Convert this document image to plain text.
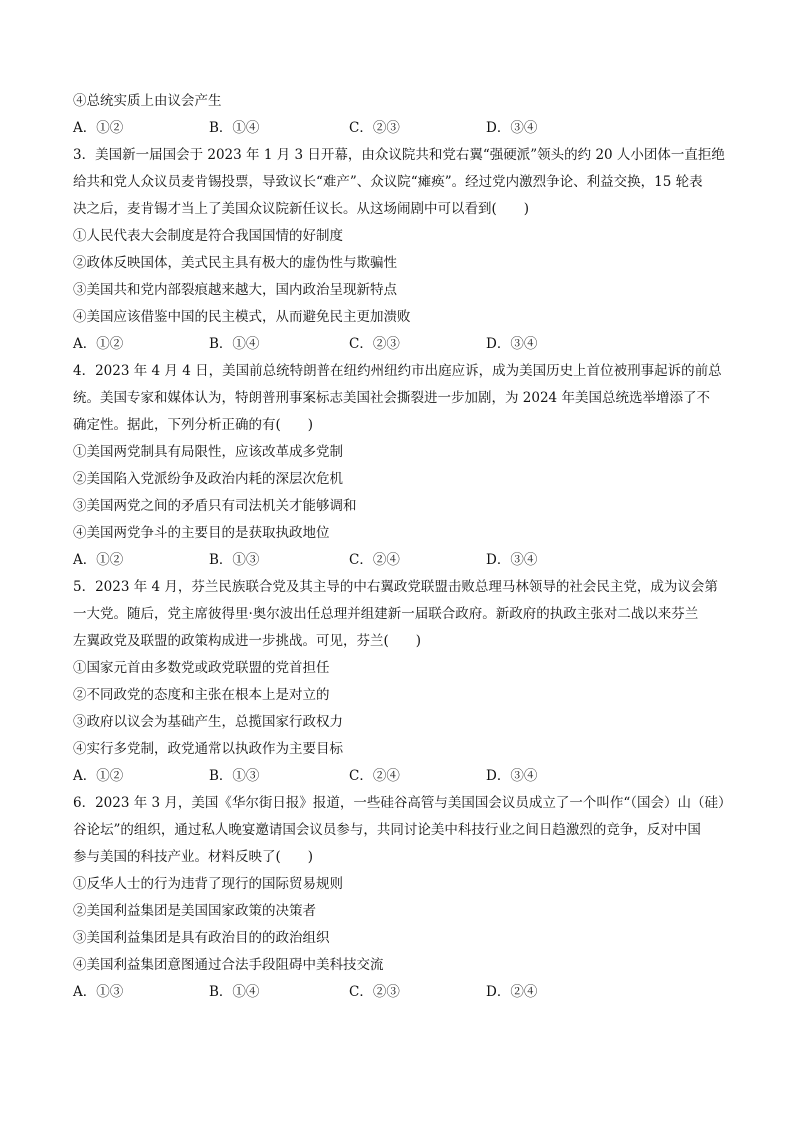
④总统实质上由议会产生
A．①②	B．①④	C．②③	D．③④
3．美国新一届国会于 2023 年 1 月 3 日开幕，由众议院共和党右翼“强硬派”领头的约 20 人小团体一直拒绝
给共和党人众议员麦肯锡投票，导致议长“难产”、众议院“瘫痪”。经过党内激烈争论、利益交换，15 轮表
决之后，麦肯锡才当上了美国众议院新任议长。从这场闹剧中可以看到(　　)
①人民代表大会制度是符合我国国情的好制度
②政体反映国体，美式民主具有极大的虚伪性与欺骗性
③美国共和党内部裂痕越来越大，国内政治呈现新特点
④美国应该借鉴中国的民主模式，从而避免民主更加溃败
A．①②	B．①④	C．②③	D．③④
4．2023 年 4 月 4 日，美国前总统特朗普在纽约州纽约市出庭应诉，成为美国历史上首位被刑事起诉的前总
统。美国专家和媒体认为，特朗普刑事案标志美国社会撕裂进一步加剧，为 2024 年美国总统选举增添了不
确定性。据此，下列分析正确的有(　　)
①美国两党制具有局限性，应该改革成多党制
②美国陷入党派纷争及政治内耗的深层次危机
③美国两党之间的矛盾只有司法机关才能够调和
④美国两党争斗的主要目的是获取执政地位
A．①②	B．①③	C．②④	D．③④
5．2023 年 4 月，芬兰民族联合党及其主导的中右翼政党联盟击败总理马林领导的社会民主党，成为议会第
一大党。随后，党主席彼得里·奥尔波出任总理并组建新一届联合政府。新政府的执政主张对二战以来芬兰
左翼政党及联盟的政策构成进一步挑战。可见，芬兰(　　)
①国家元首由多数党或政党联盟的党首担任
②不同政党的态度和主张在根本上是对立的
③政府以议会为基础产生，总揽国家行政权力
④实行多党制，政党通常以执政作为主要目标
A．①②	B．①③	C．②④	D．③④
6．2023 年 3 月，美国《华尔街日报》报道，一些硅谷高管与美国国会议员成立了一个叫作“（国会）山（硅）
谷论坛”的组织，通过私人晚宴邀请国会议员参与，共同讨论美中科技行业之间日趋激烈的竞争，反对中国
参与美国的科技产业。材料反映了(　　)
①反华人士的行为违背了现行的国际贸易规则
②美国利益集团是美国国家政策的决策者
③美国利益集团是具有政治目的的政治组织
④美国利益集团意图通过合法手段阻碍中美科技交流
A．①③	B．①④	C．②③	D．②④
